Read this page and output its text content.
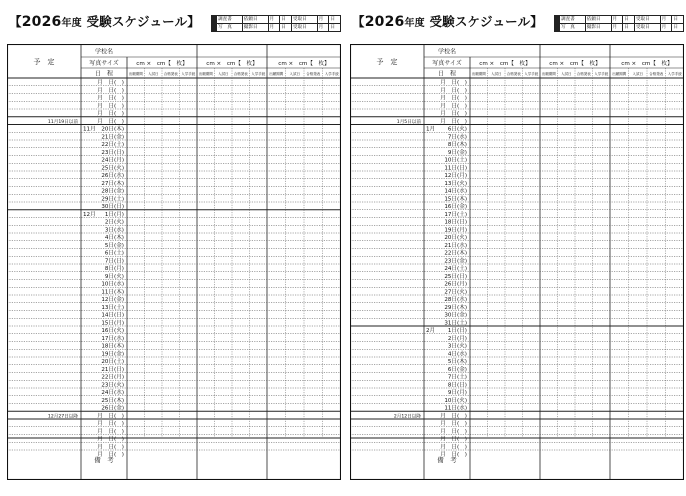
【2026年度 受験スケジュール】
		調査書	依頼日	月	日	受取日	月	日
	写　真	撮影日	月	日	受取日	月	日
予　定
学校名
写真サイズ
日　程
cm ×　cm【　枚】
出願期間 入試日 合格発表 入学手続
cm ×　cm【　枚】
出願期間 入試日 合格発表 入学手続
cm ×　cm【　枚】
出願期間 入試日 合格発表 入学手続
月　日(　)
月　日(　)
月　日(　)
月　日(　)
月　日(　)
11月19日以前	月　日(　)
11月 20日(木)
21日(金)
22日(土)
23日(日)
24日(月)
25日(火)
26日(水)
27日(木)
28日(金)
29日(土)
30日(日)
12月 1日(月)
2日(火)
3日(水)
4日(木)
5日(金)
6日(土)
7日(日)
8日(月)
9日(火)
10日(水)
11日(木)
12日(金)
13日(土)
14日(日)
15日(月)
16日(火)
17日(水)
18日(木)
19日(金)
20日(土)
21日(日)
22日(月)
23日(火)
24日(水)
25日(木)
26日(金)
12月27日以降	月　日(　)
月　日(　)
月　日(　)
月　日(　)
月　日(　)
月　日(　)
備　考
【2026年度 受験スケジュール】
		調査書	依頼日	月	日	受取日	月	日
	写　真	撮影日	月	日	受取日	月	日
予　定
学校名
写真サイズ
日　程
cm ×　cm【　枚】
出願期間 入試日 合格発表 入学手続
cm ×　cm【　枚】
出願期間 入試日 合格発表 入学手続
cm ×　cm【　枚】
出願期間 入試日 合格発表 入学手続
月　日(　)
月　日(　)
月　日(　)
月　日(　)
月　日(　)
1月5日以前	月　日(　)
1月 6日(火)
7日(水)
8日(木)
9日(金)
10日(土)
11日(日)
12日(月)
13日(火)
14日(水)
15日(木)
16日(金)
17日(土)
18日(日)
19日(月)
20日(火)
21日(水)
22日(木)
23日(金)
24日(土)
25日(日)
26日(月)
27日(火)
28日(水)
29日(木)
30日(金)
31日(土)
2月 1日(日)
2日(月)
3日(火)
4日(水)
5日(木)
6日(金)
7日(土)
8日(日)
9日(月)
10日(火)
11日(水)
2月12日以降	月　日(　)
月　日(　)
月　日(　)
月　日(　)
月　日(　)
月　日(　)
備　考
